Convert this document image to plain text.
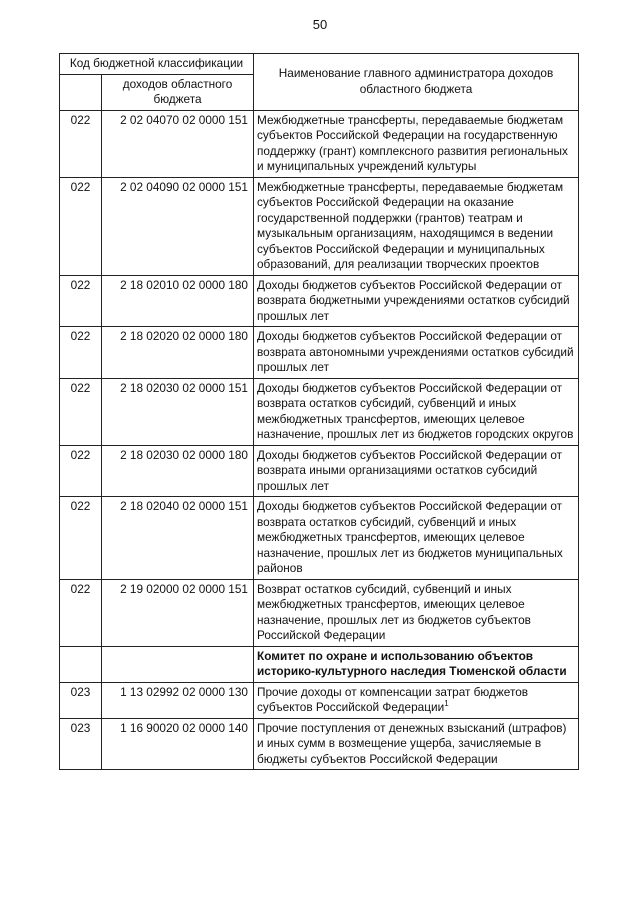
50
Код бюджетной классификации		Наименование главного администратора доходов областного бюджета
	доходов областного бюджета	
022	2 02 04070 02 0000 151	Межбюджетные трансферты, передаваемые бюджетам субъектов Российской Федерации на государственную поддержку (грант) комплексного развития региональных и муниципальных учреждений культуры
022	2 02 04090 02 0000 151	Межбюджетные трансферты, передаваемые бюджетам субъектов Российской Федерации на оказание государственной поддержки (грантов) театрам и музыкальным организациям, находящимся в ведении субъектов Российской Федерации и муниципальных образований, для реализации творческих проектов
022	2 18 02010 02 0000 180	Доходы бюджетов субъектов Российской Федерации от возврата бюджетными учреждениями остатков субсидий прошлых лет
022	2 18 02020 02 0000 180	Доходы бюджетов субъектов Российской Федерации от возврата автономными учреждениями остатков субсидий прошлых лет
022	2 18 02030 02 0000 151	Доходы бюджетов субъектов Российской Федерации от возврата остатков субсидий, субвенций и иных межбюджетных трансфертов, имеющих целевое назначение, прошлых лет из бюджетов городских округов
022	2 18 02030 02 0000 180	Доходы бюджетов субъектов Российской Федерации от возврата иными организациями остатков субсидий прошлых лет
022	2 18 02040 02 0000 151	Доходы бюджетов субъектов Российской Федерации от возврата остатков субсидий, субвенций и иных межбюджетных трансфертов, имеющих целевое назначение, прошлых лет из бюджетов муниципальных районов
022	2 19 02000 02 0000 151	Возврат остатков субсидий, субвенций и иных межбюджетных трансфертов, имеющих целевое назначение, прошлых лет из бюджетов субъектов Российской Федерации
		Комитет по охране и использованию объектов историко-культурного наследия Тюменской области
023	1 13 02992 02 0000 130	Прочие доходы от компенсации затрат бюджетов субъектов Российской Федерации$^1$
023	1 16 90020 02 0000 140	Прочие поступления от денежных взысканий (штрафов) и иных сумм в возмещение ущерба, зачисляемые в бюджеты субъектов Российской Федерации
